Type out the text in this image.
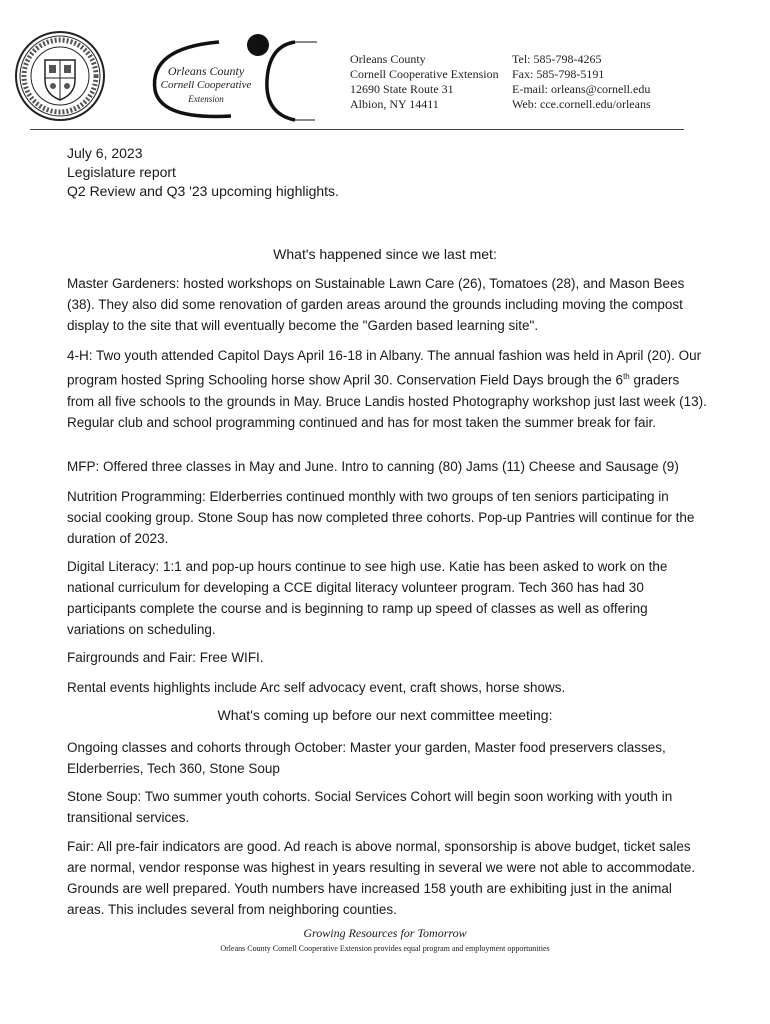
Orleans County
Cornell Cooperative
Extension
Orleans County
Cornell Cooperative Extension
12690 State Route 31
Albion, NY 14411
Tel: 585-798-4265
Fax: 585-798-5191
E-mail: orleans@cornell.edu
Web: cce.cornell.edu/orleans
July 6, 2023
Legislature report
Q2 Review and Q3 '23 upcoming highlights.
What's happened since we last met:

Master Gardeners: hosted workshops on Sustainable Lawn Care (26), Tomatoes (28), and Mason Bees (38). They also did some renovation of garden areas around the grounds including moving the compost display to the site that will eventually become the "Garden based learning site".

4-H: Two youth attended Capitol Days April 16-18 in Albany. The annual fashion was held in April (20). Our program hosted Spring Schooling horse show April 30. Conservation Field Days brough the 6th graders from all five schools to the grounds in May. Bruce Landis hosted Photography workshop just last week (13). Regular club and school programming continued and has for most taken the summer break for fair.

MFP: Offered three classes in May and June. Intro to canning (80) Jams (11) Cheese and Sausage (9)

Nutrition Programming: Elderberries continued monthly with two groups of ten seniors participating in social cooking group. Stone Soup has now completed three cohorts. Pop-up Pantries will continue for the duration of 2023.

Digital Literacy: 1:1 and pop-up hours continue to see high use. Katie has been asked to work on the national curriculum for developing a CCE digital literacy volunteer program. Tech 360 has had 30 participants complete the course and is beginning to ramp up speed of classes as well as offering variations on scheduling.

Fairgrounds and Fair: Free WIFI.

Rental events highlights include Arc self advocacy event, craft shows, horse shows.

What's coming up before our next committee meeting:

Ongoing classes and cohorts through October: Master your garden, Master food preservers classes, Elderberries, Tech 360, Stone Soup

Stone Soup: Two summer youth cohorts. Social Services Cohort will begin soon working with youth in transitional services.

Fair: All pre-fair indicators are good. Ad reach is above normal, sponsorship is above budget, ticket sales are normal, vendor response was highest in years resulting in several we were not able to accommodate. Grounds are well prepared. Youth numbers have increased 158 youth are exhibiting just in the animal areas. This includes several from neighboring counties.

Growing Resources for Tomorrow
Orleans County Cornell Cooperative Extension provides equal program and employment opportunities
